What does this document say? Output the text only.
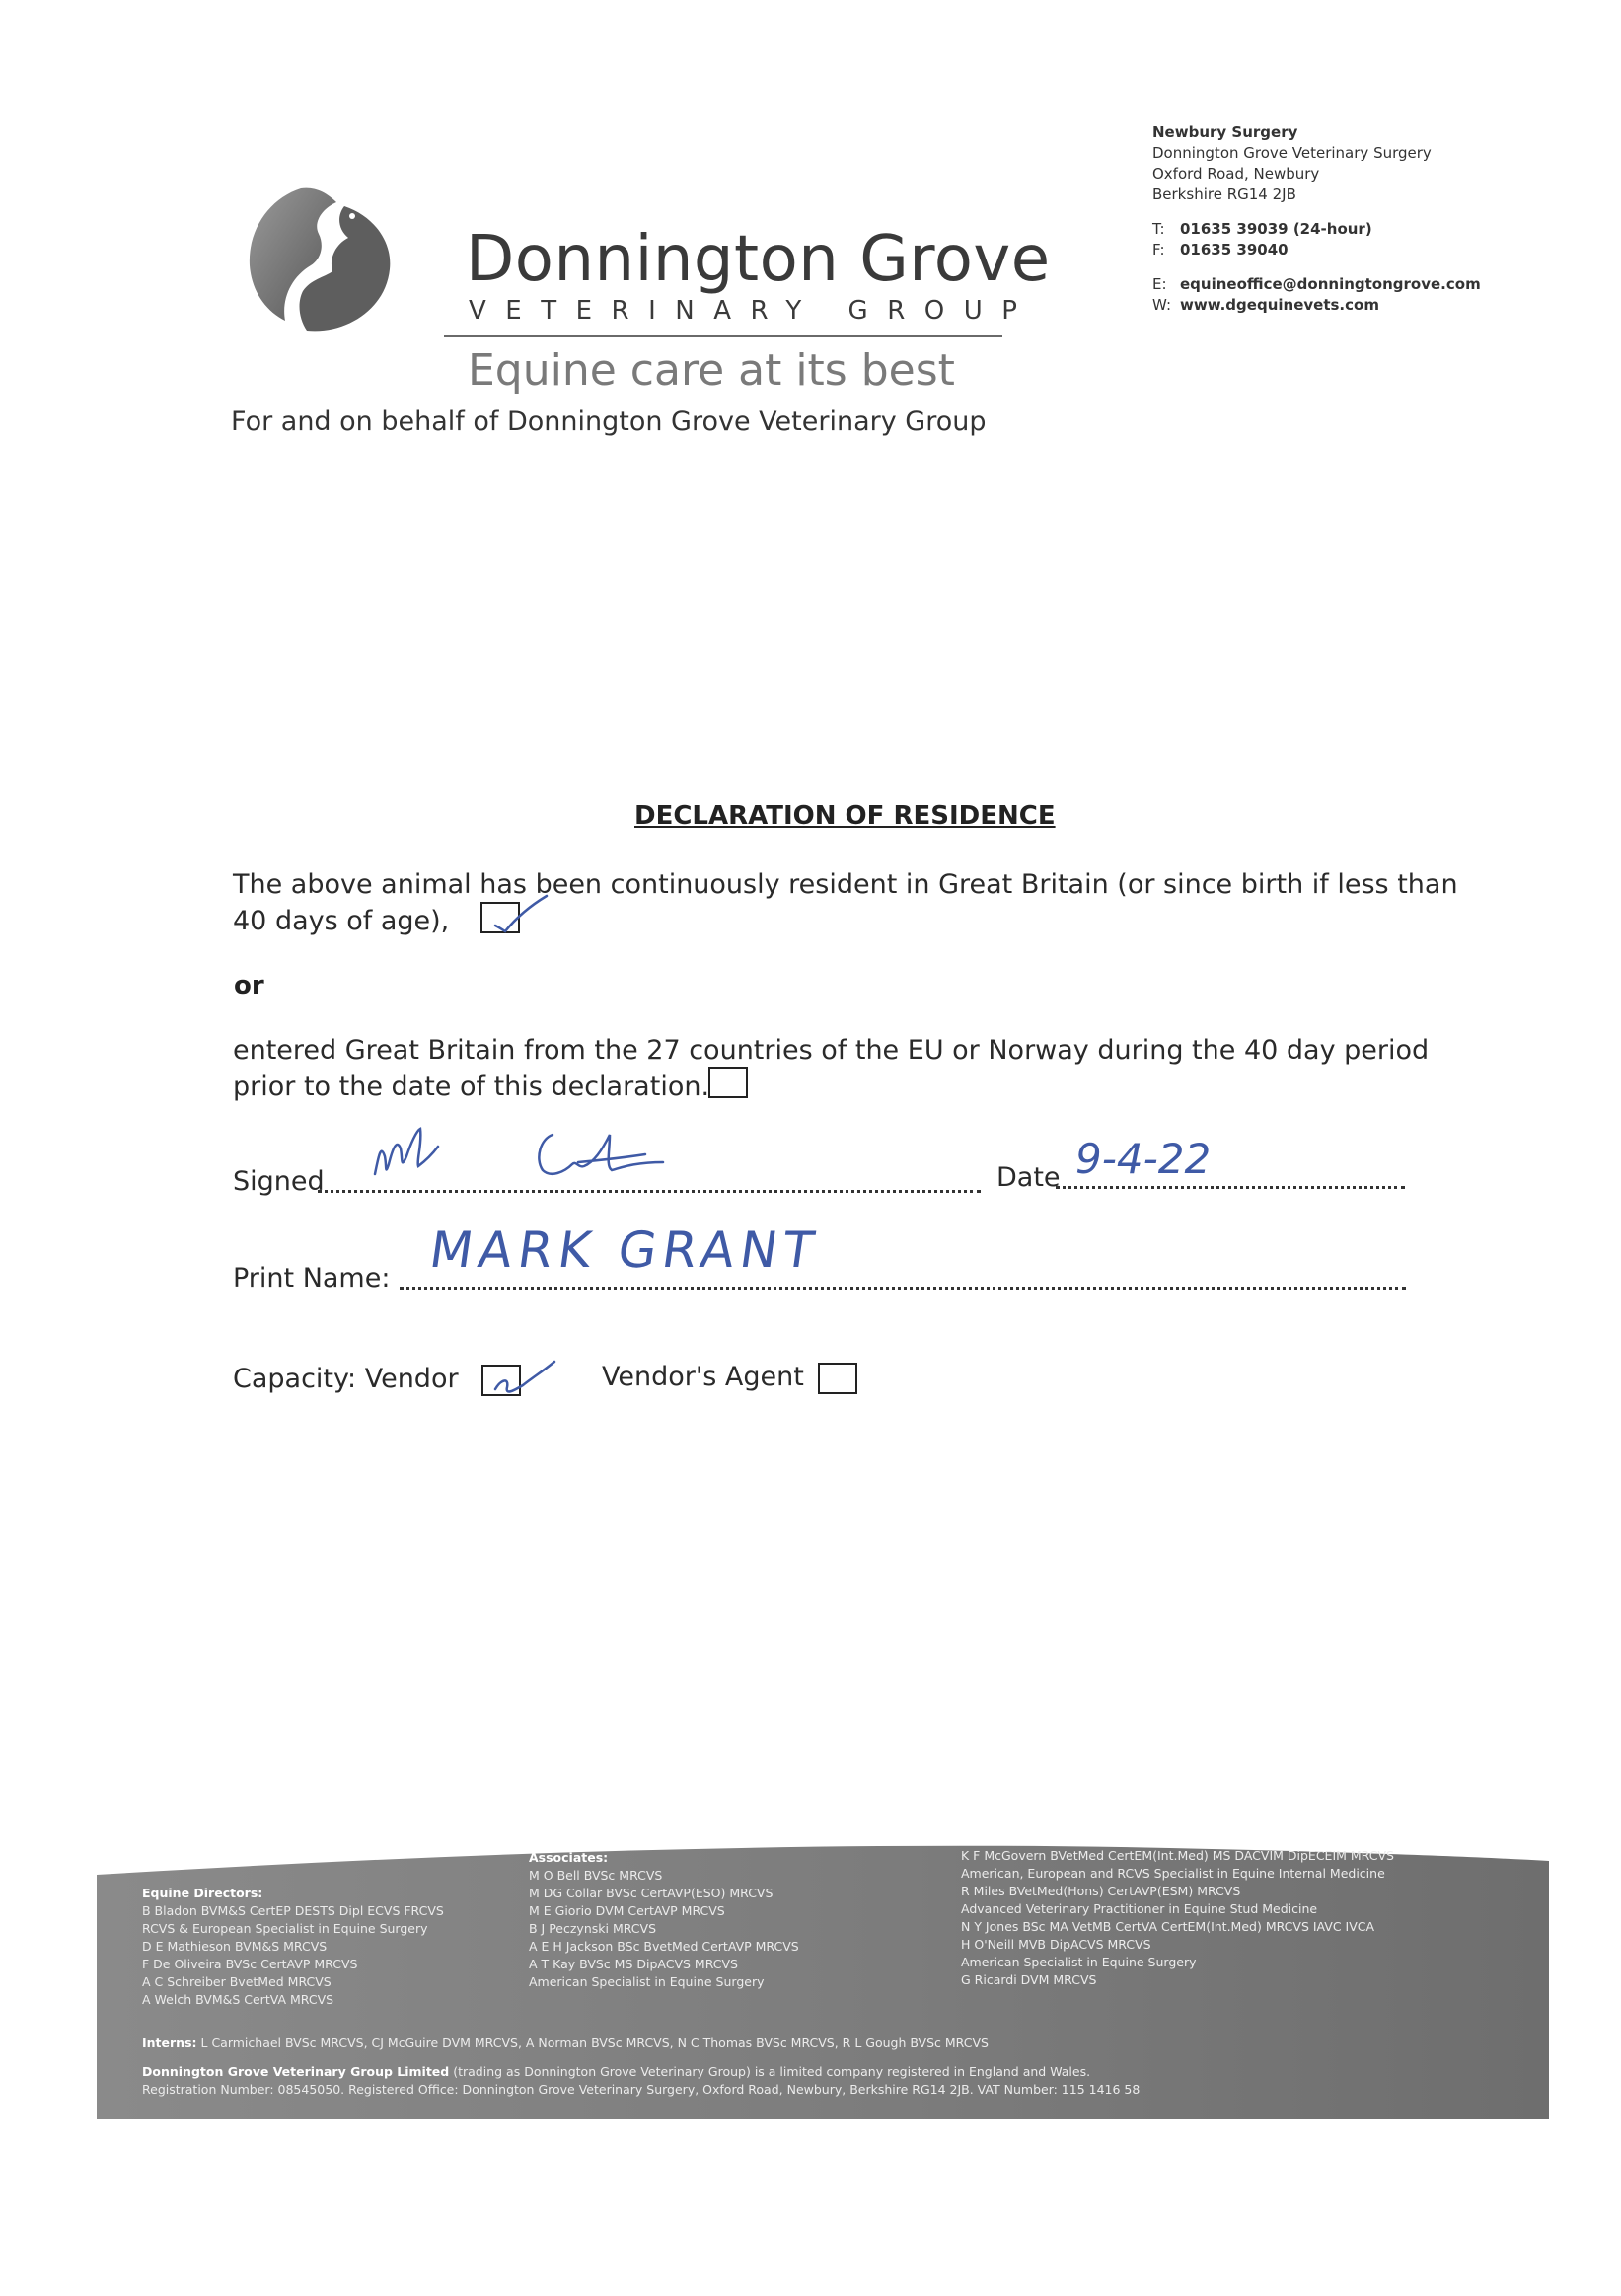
Donnington Grove
VETERINARY GROUP
Equine care at its best
For and on behalf of Donnington Grove Veterinary Group
Newbury Surgery
Donnington Grove Veterinary Surgery
Oxford Road, Newbury
Berkshire RG14 2JB
T: 01635 39039 (24-hour)
F: 01635 39040
E: equineoffice@donningtongrove.com
W: www.dgequinevets.com
DECLARATION OF RESIDENCE
The above animal has been continuously resident in Great Britain (or since birth if less than
40 days of age),
or
entered Great Britain from the 27 countries of the EU or Norway during the 40 day period
prior to the date of this declaration.
Signed	Date 9-4-22
Print Name: MARK GRANT
Capacity: Vendor	Vendor's Agent
Equine Directors:
B Bladon BVM&S CertEP DESTS Dipl ECVS FRCVS
RCVS & European Specialist in Equine Surgery
D E Mathieson BVM&S MRCVS
F De Oliveira BVSc CertAVP MRCVS
A C Schreiber BvetMed MRCVS
A Welch BVM&S CertVA MRCVS
Associates:
M O Bell BVSc MRCVS
M DG Collar BVSc CertAVP(ESO) MRCVS
M E Giorio DVM CertAVP MRCVS
B J Peczynski MRCVS
A E H Jackson BSc BvetMed CertAVP MRCVS
A T Kay BVSc MS DipACVS MRCVS
American Specialist in Equine Surgery
K F McGovern BVetMed CertEM(Int.Med) MS DACVIM DipECEIM MRCVS
American, European and RCVS Specialist in Equine Internal Medicine
R Miles BVetMed(Hons) CertAVP(ESM) MRCVS
Advanced Veterinary Practitioner in Equine Stud Medicine
N Y Jones BSc MA VetMB CertVA CertEM(Int.Med) MRCVS IAVC IVCA
H O'Neill MVB DipACVS MRCVS
American Specialist in Equine Surgery
G Ricardi DVM MRCVS
Interns: L Carmichael BVSc MRCVS, CJ McGuire DVM MRCVS, A Norman BVSc MRCVS, N C Thomas BVSc MRCVS, R L Gough BVSc MRCVS
Donnington Grove Veterinary Group Limited (trading as Donnington Grove Veterinary Group) is a limited company registered in England and Wales.
Registration Number: 08545050. Registered Office: Donnington Grove Veterinary Surgery, Oxford Road, Newbury, Berkshire RG14 2JB. VAT Number: 115 1416 58
